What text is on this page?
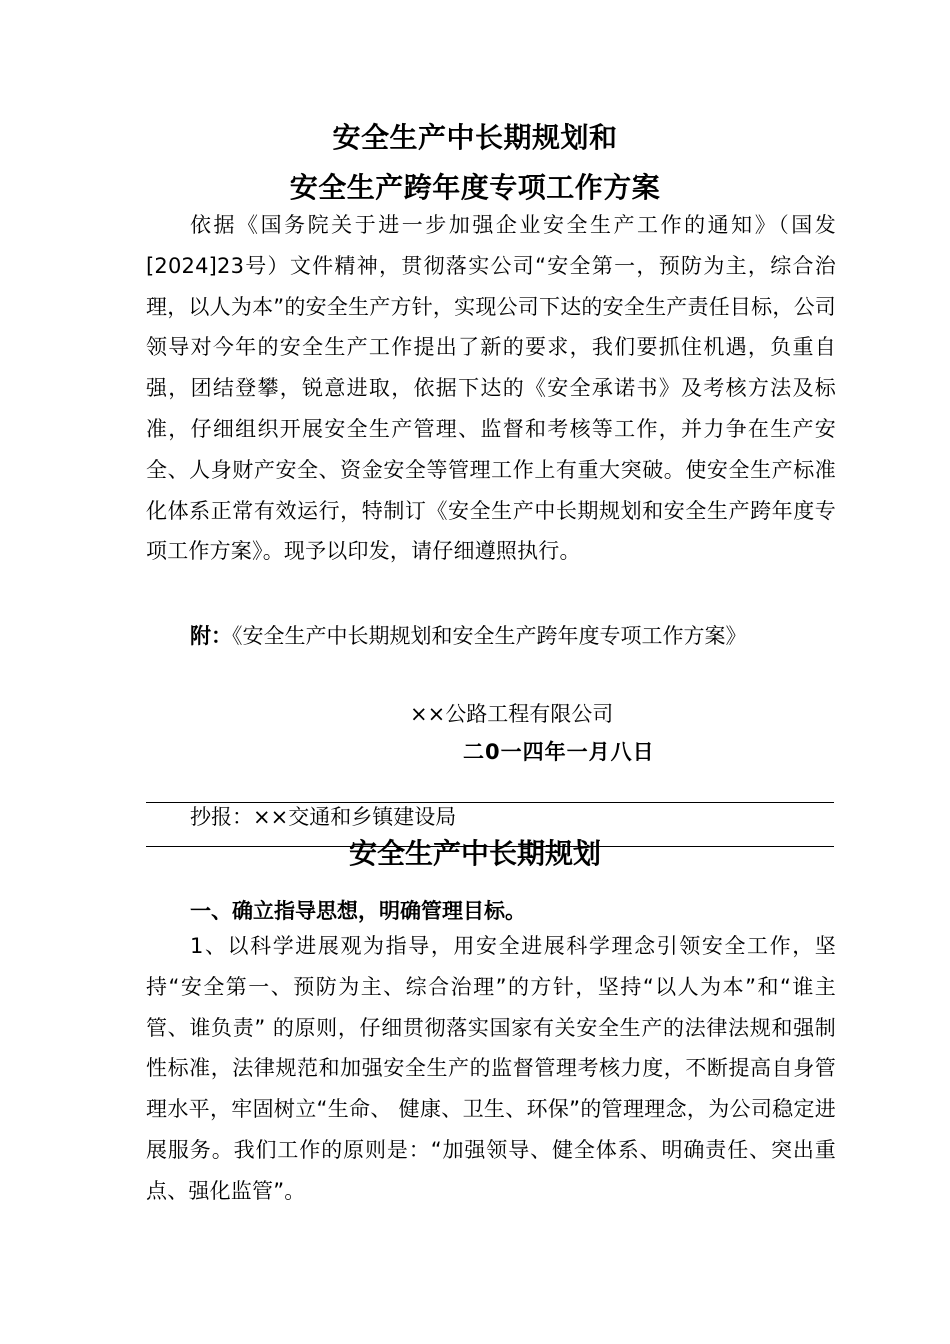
安全生产中长期规划和
安全生产跨年度专项工作方案

依据《国务院关于进一步加强企业安全生产工作的通知》（国发[2024]23号）文件精神，贯彻落实公司“安全第一，预防为主，综合治理，以人为本”的安全生产方针，实现公司下达的安全生产责任目标，公司领导对今年的安全生产工作提出了新的要求，我们要抓住机遇，负重自强，团结登攀，锐意进取，依据下达的《安全承诺书》及考核方法及标准，仔细组织开展安全生产管理、监督和考核等工作，并力争在生产安全、人身财产安全、资金安全等管理工作上有重大突破。使安全生产标准化体系正常有效运行，特制订《安全生产中长期规划和安全生产跨年度专项工作方案》。现予以印发，请仔细遵照执行。

附：《安全生产中长期规划和安全生产跨年度专项工作方案》
××公路工程有限公司
二0一四年一月八日
抄报：××交通和乡镇建设局
安全生产中长期规划
一、确立指导思想，明确管理目标。

1、以科学进展观为指导，用安全进展科学理念引领安全工作，坚持“安全第一、预防为主、综合治理”的方针，坚持“以人为本”和“谁主管、谁负责” 的原则，仔细贯彻落实国家有关安全生产的法律法规和强制性标准，法律规范和加强安全生产的监督管理考核力度，不断提高自身管理水平，牢固树立“生命、 健康、卫生、环保”的管理理念，为公司稳定进展服务。我们工作的原则是：“加强领导、健全体系、明确责任、突出重点、强化监管”。
